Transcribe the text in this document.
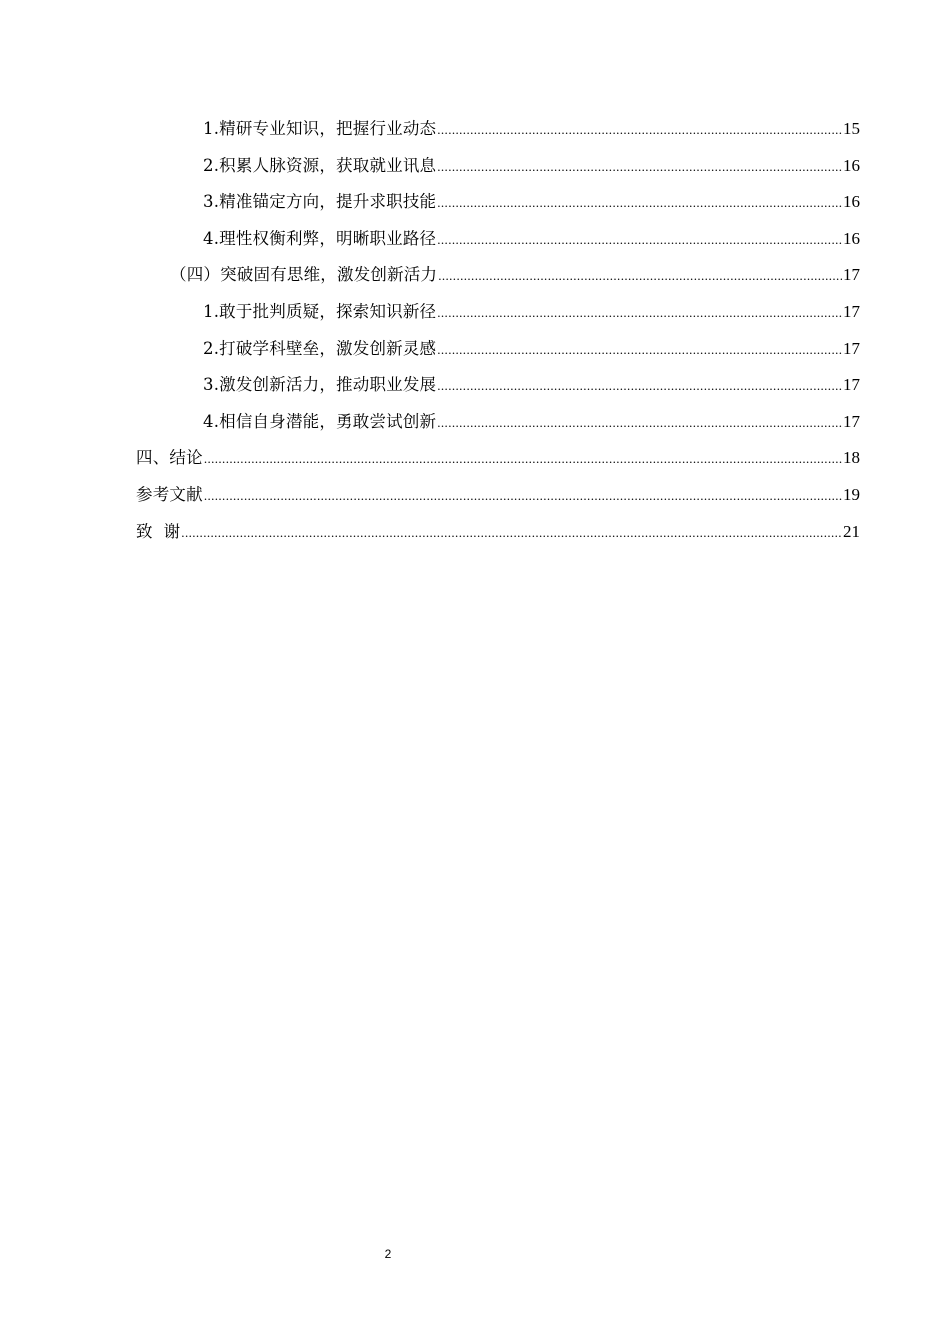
1.精研专业知识，把握行业动态 .....	15
2.积累人脉资源，获取就业讯息 .....	16
3.精准锚定方向，提升求职技能 .....	16
4.理性权衡利弊，明晰职业路径 .....	16
（四）突破固有思维，激发创新活力 .....	17
1.敢于批判质疑，探索知识新径 .....	17
2.打破学科壁垒，激发创新灵感 .....	17
3.激发创新活力，推动职业发展 .....	17
4.相信自身潜能，勇敢尝试创新 .....	17
四、结论 .....	18
参考文献 .....	19
致  谢 .....	21
2
